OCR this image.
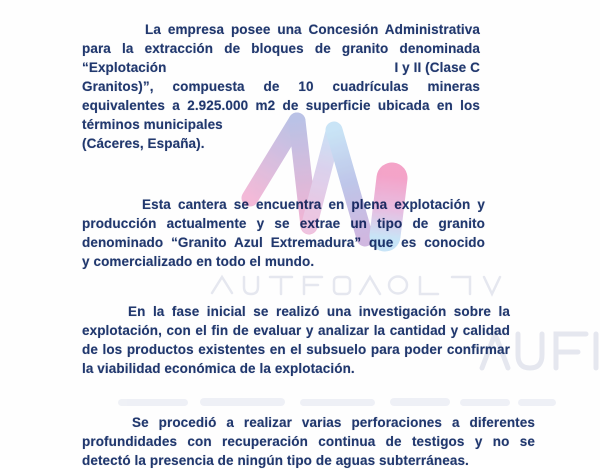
La empresa posee una Concesión Administrativa
para la extracción de bloques de granito denominada
“Explotación	I y II (Clase C
Granitos)”, compuesta de 10 cuadrículas mineras
equivalentes a 2.925.000 m2 de superficie ubicada en los
términos municipales
(Cáceres, España).
Esta cantera se encuentra en plena explotación y
producción actualmente y se extrae un tipo de granito
denominado “Granito Azul Extremadura” que es conocido
y comercializado en todo el mundo.
En la fase inicial se realizó una investigación sobre la
explotación, con el fin de evaluar y analizar la cantidad y calidad
de los productos existentes en el subsuelo para poder confirmar
la viabilidad económica de la explotación.
Se procedió a realizar varias perforaciones a diferentes
profundidades con recuperación continua de testigos y no se
detectó la presencia de ningún tipo de aguas subterráneas.
